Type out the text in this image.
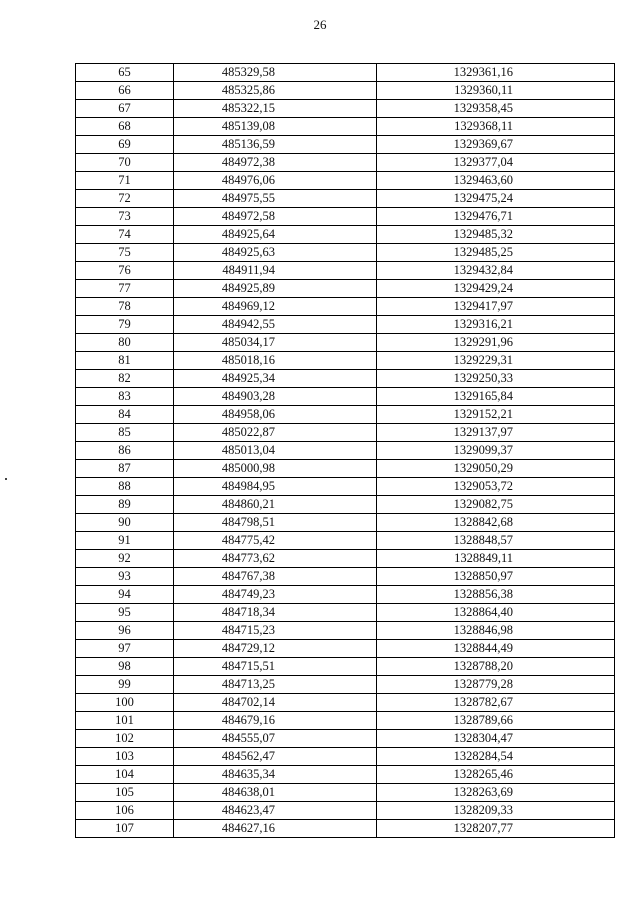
26
65	485329,58	1329361,16
66	485325,86	1329360,11
67	485322,15	1329358,45
68	485139,08	1329368,11
69	485136,59	1329369,67
70	484972,38	1329377,04
71	484976,06	1329463,60
72	484975,55	1329475,24
73	484972,58	1329476,71
74	484925,64	1329485,32
75	484925,63	1329485,25
76	484911,94	1329432,84
77	484925,89	1329429,24
78	484969,12	1329417,97
79	484942,55	1329316,21
80	485034,17	1329291,96
81	485018,16	1329229,31
82	484925,34	1329250,33
83	484903,28	1329165,84
84	484958,06	1329152,21
85	485022,87	1329137,97
86	485013,04	1329099,37
87	485000,98	1329050,29
88	484984,95	1329053,72
89	484860,21	1329082,75
90	484798,51	1328842,68
91	484775,42	1328848,57
92	484773,62	1328849,11
93	484767,38	1328850,97
94	484749,23	1328856,38
95	484718,34	1328864,40
96	484715,23	1328846,98
97	484729,12	1328844,49
98	484715,51	1328788,20
99	484713,25	1328779,28
100	484702,14	1328782,67
101	484679,16	1328789,66
102	484555,07	1328304,47
103	484562,47	1328284,54
104	484635,34	1328265,46
105	484638,01	1328263,69
106	484623,47	1328209,33
107	484627,16	1328207,77
